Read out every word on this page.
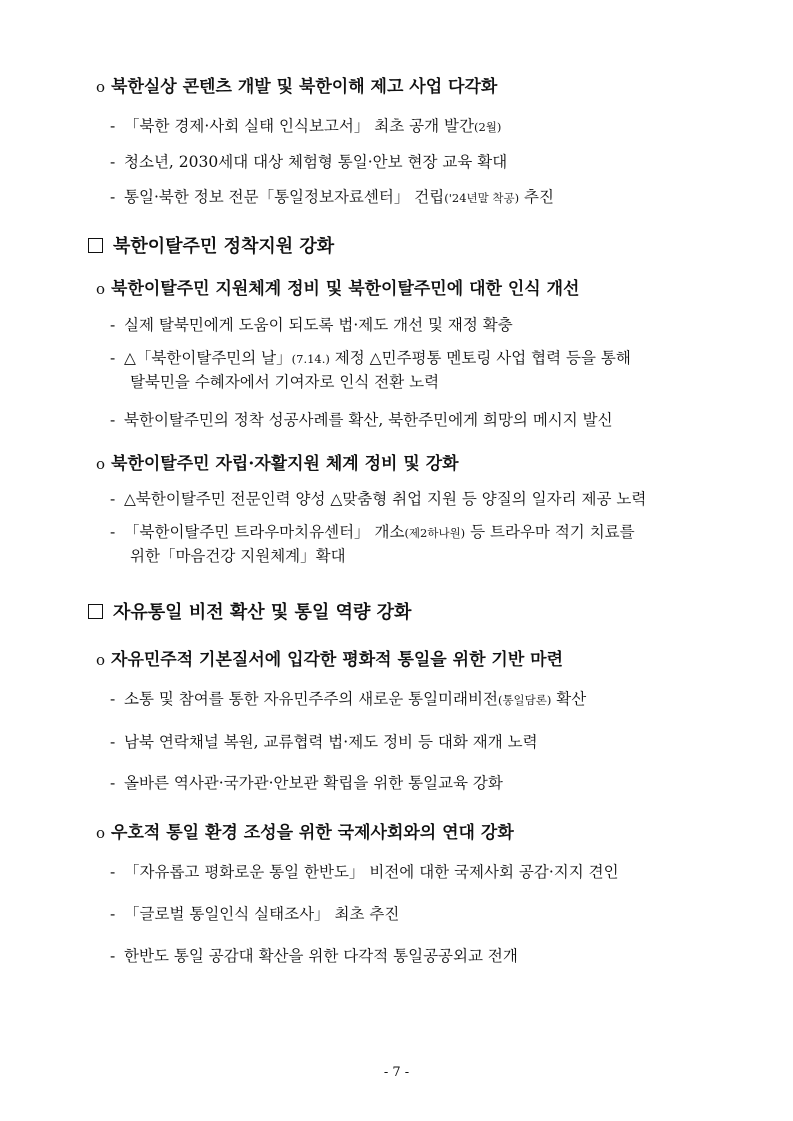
o 북한실상 콘텐츠 개발 및 북한이해 제고 사업 다각화
- 「북한 경제·사회 실태 인식보고서」 최초 공개 발간(2월)
- 청소년, 2030세대 대상 체험형 통일·안보 현장 교육 확대
- 통일·북한 정보 전문「통일정보자료센터」 건립('24년말 착공) 추진
북한이탈주민 정착지원 강화
o 북한이탈주민 지원체계 정비 및 북한이탈주민에 대한 인식 개선
- 실제 탈북민에게 도움이 되도록 법·제도 개선 및 재정 확충
- △「북한이탈주민의 날」(7.14.) 제정 △민주평통 멘토링 사업 협력 등을 통해
탈북민을 수혜자에서 기여자로 인식 전환 노력
- 북한이탈주민의 정착 성공사례를 확산, 북한주민에게 희망의 메시지 발신
o 북한이탈주민 자립·자활지원 체계 정비 및 강화
- △북한이탈주민 전문인력 양성 △맞춤형 취업 지원 등 양질의 일자리 제공 노력
- 「북한이탈주민 트라우마치유센터」 개소(제2하나원) 등 트라우마 적기 치료를
위한「마음건강 지원체계」확대
자유통일 비전 확산 및 통일 역량 강화
o 자유민주적 기본질서에 입각한 평화적 통일을 위한 기반 마련
- 소통 및 참여를 통한 자유민주주의 새로운 통일미래비전(통일담론) 확산
- 남북 연락채널 복원, 교류협력 법·제도 정비 등 대화 재개 노력
- 올바른 역사관·국가관·안보관 확립을 위한 통일교육 강화
o 우호적 통일 환경 조성을 위한 국제사회와의 연대 강화
- 「자유롭고 평화로운 통일 한반도」 비전에 대한 국제사회 공감·지지 견인
- 「글로벌 통일인식 실태조사」 최초 추진
- 한반도 통일 공감대 확산을 위한 다각적 통일공공외교 전개
- 7 -
